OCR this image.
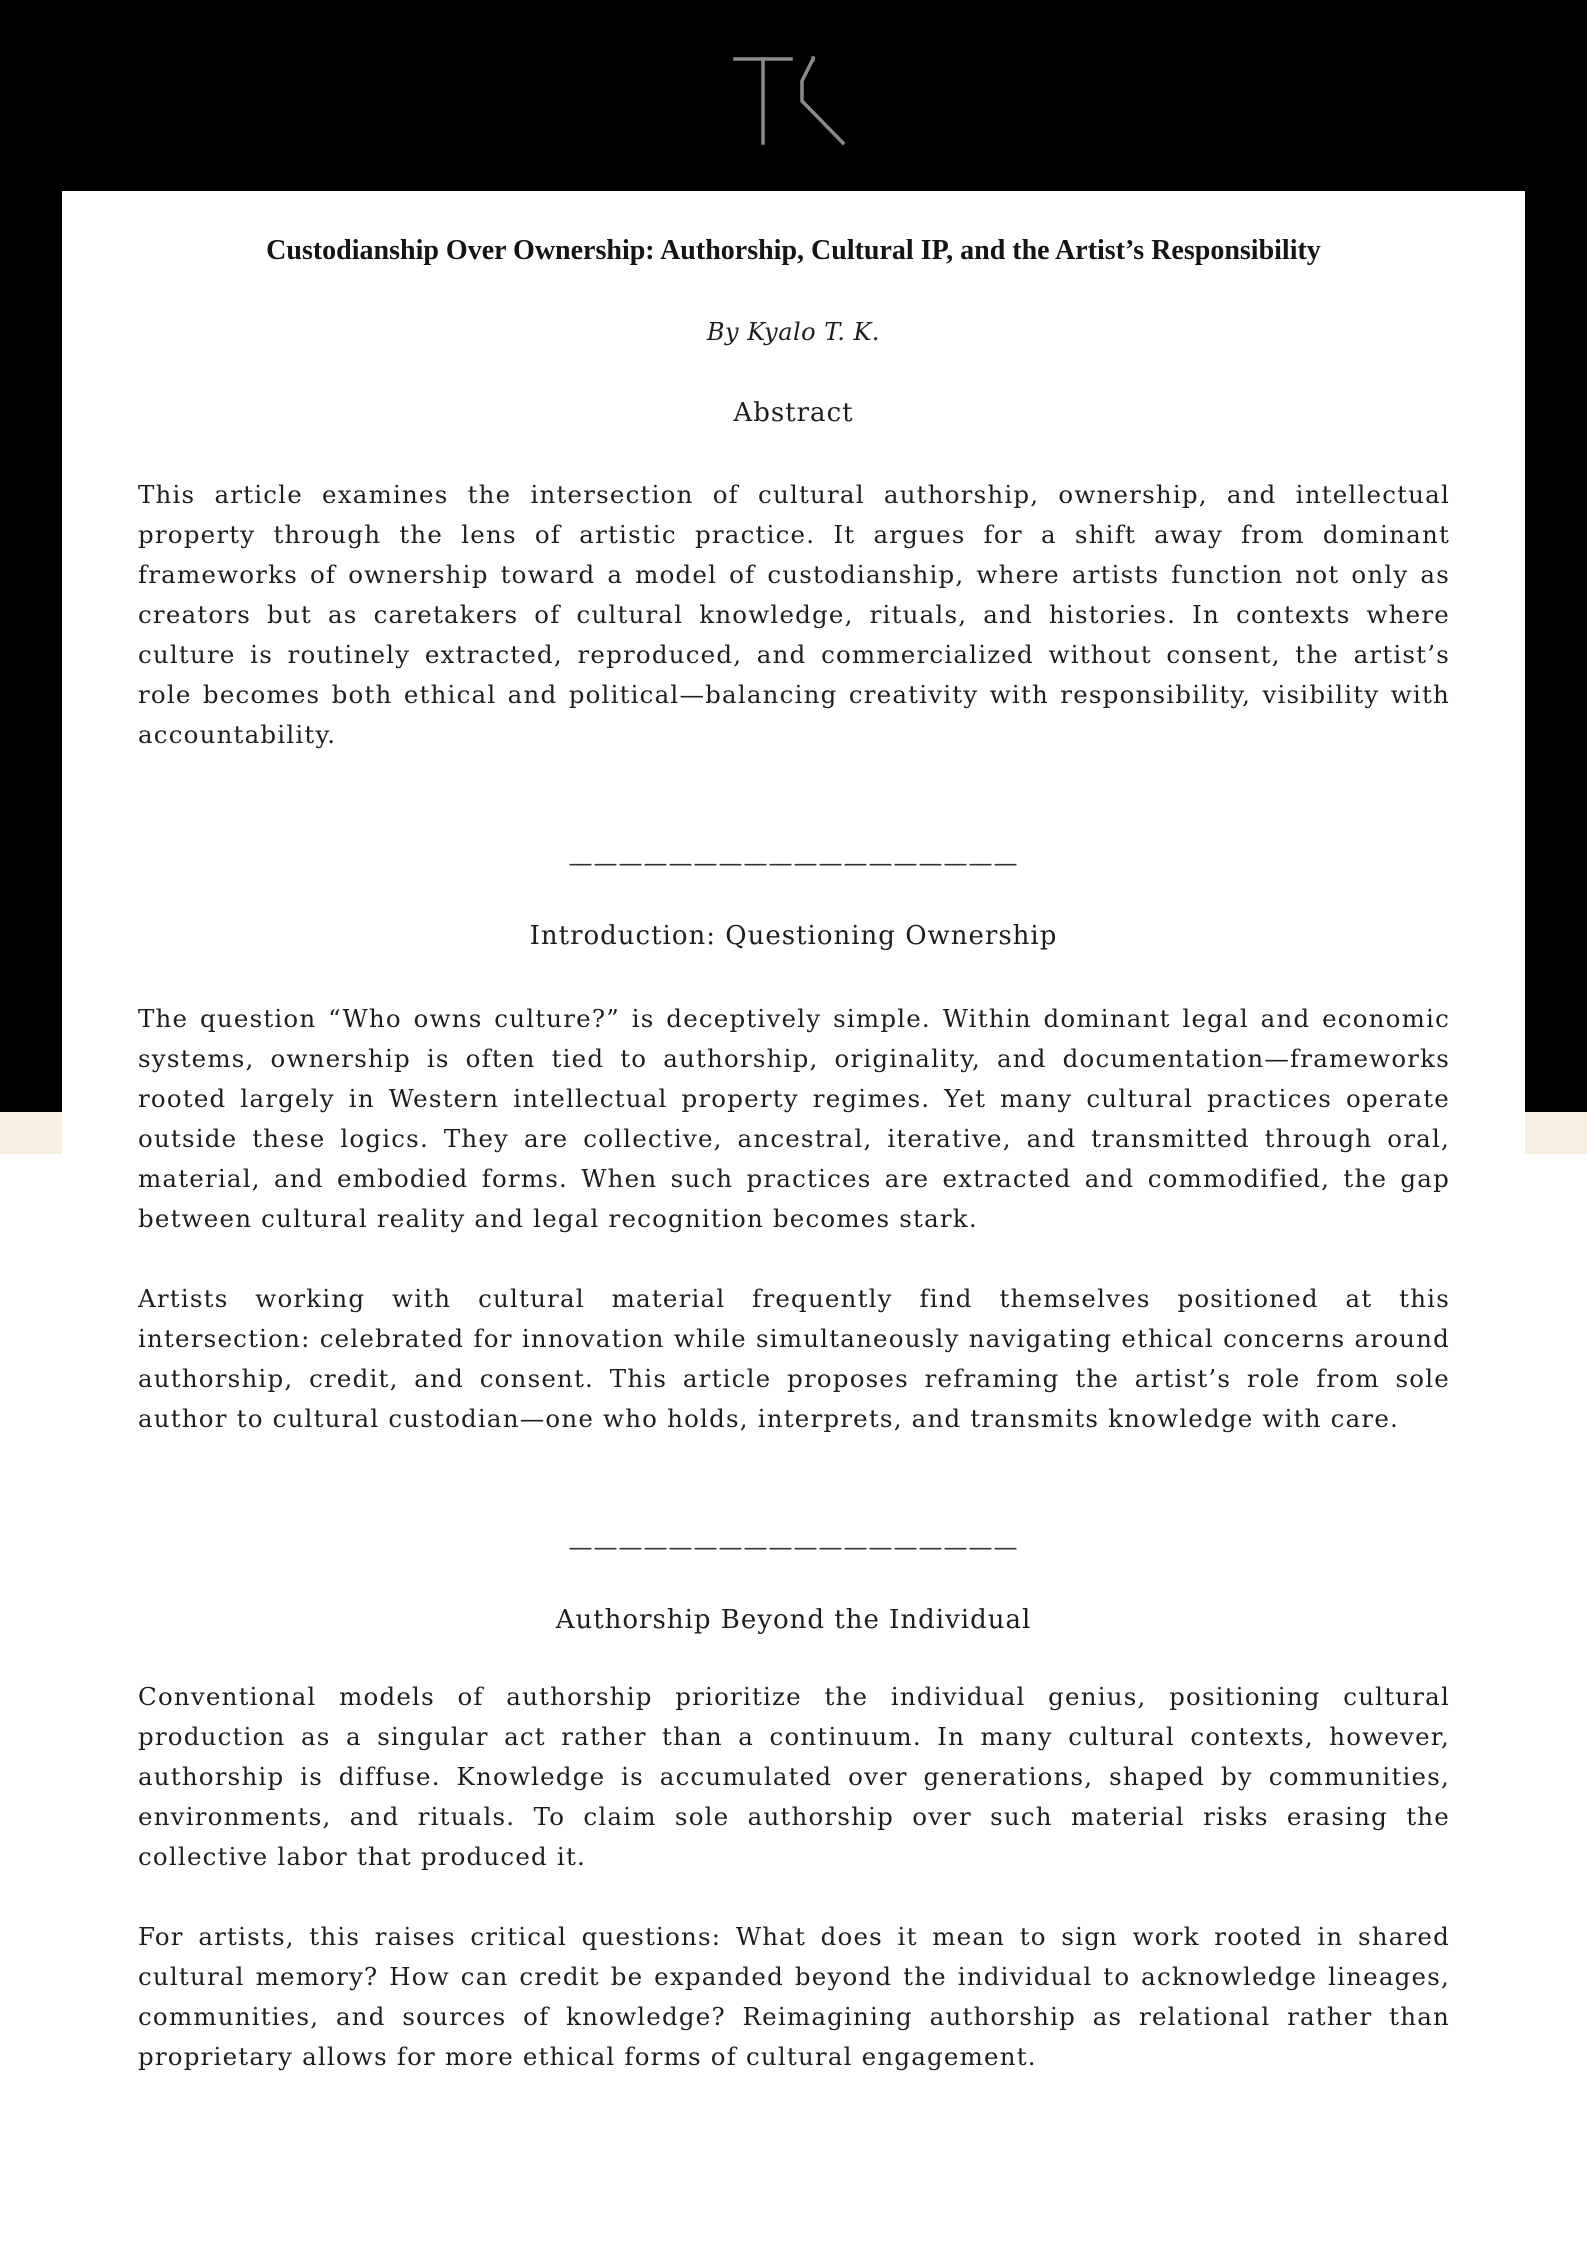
Custodianship Over Ownership: Authorship, Cultural IP, and the Artist’s Responsibility
By Kyalo T. K.
Abstract
This article examines the intersection of cultural authorship, ownership, and intellectual property through the lens of artistic practice. It argues for a shift away from dominant frameworks of ownership toward a model of custodianship, where artists function not only as creators but as caretakers of cultural knowledge, rituals, and histories. In contexts where culture is routinely extracted, reproduced, and commercialized without consent, the artist’s role becomes both ethical and political—balancing creativity with responsibility, visibility with accountability.
——————————————————
Introduction: Questioning Ownership
The question “Who owns culture?” is deceptively simple. Within dominant legal and economic systems, ownership is often tied to authorship, originality, and documentation—frameworks rooted largely in Western intellectual property regimes. Yet many cultural practices operate outside these logics. They are collective, ancestral, iterative, and transmitted through oral, material, and embodied forms. When such practices are extracted and commodified, the gap between cultural reality and legal recognition becomes stark.
Artists working with cultural material frequently find themselves positioned at this intersection: celebrated for innovation while simultaneously navigating ethical concerns around authorship, credit, and consent. This article proposes reframing the artist’s role from sole author to cultural custodian—one who holds, interprets, and transmits knowledge with care.
——————————————————
Authorship Beyond the Individual
Conventional models of authorship prioritize the individual genius, positioning cultural production as a singular act rather than a continuum. In many cultural contexts, however, authorship is diffuse. Knowledge is accumulated over generations, shaped by communities, environments, and rituals. To claim sole authorship over such material risks erasing the collective labor that produced it.
For artists, this raises critical questions: What does it mean to sign work rooted in shared cultural memory? How can credit be expanded beyond the individual to acknowledge lineages, communities, and sources of knowledge? Reimagining authorship as relational rather than proprietary allows for more ethical forms of cultural engagement.
